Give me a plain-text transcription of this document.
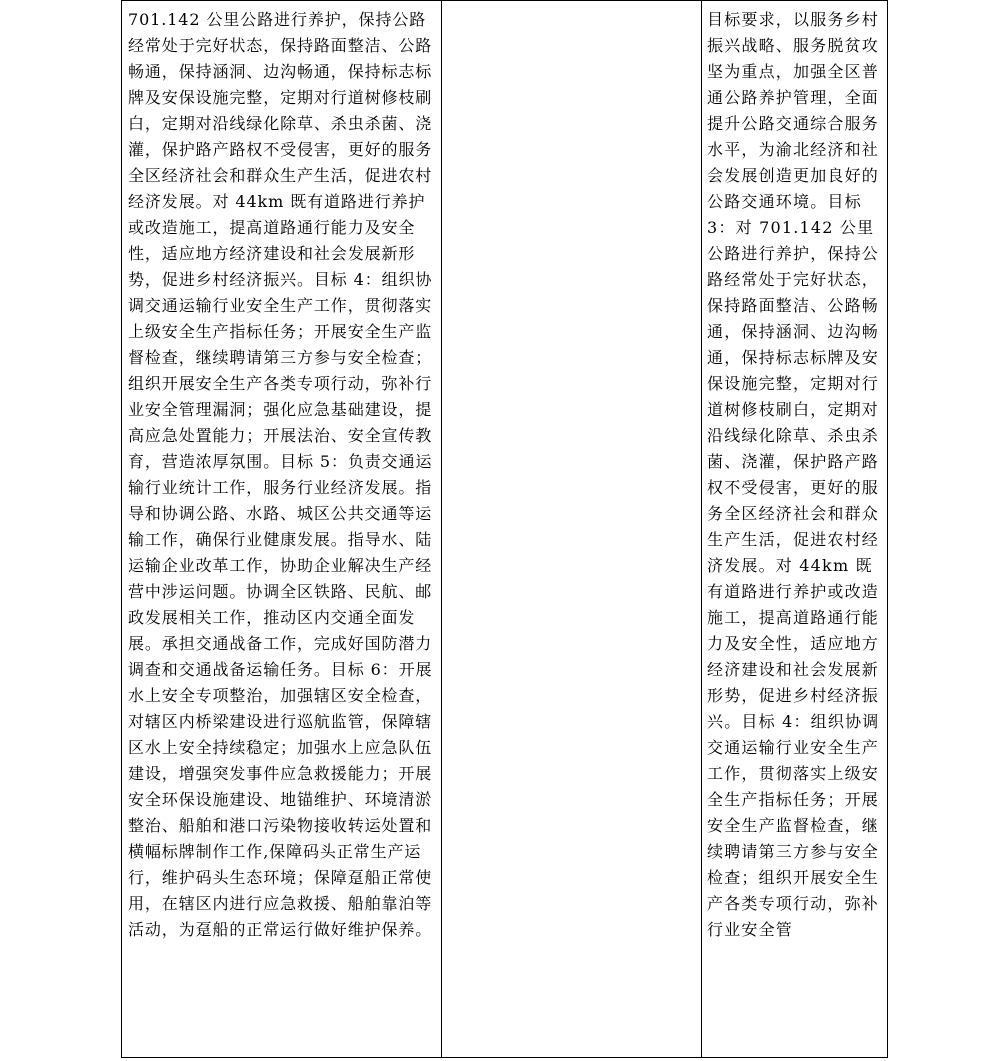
701.142 公里公路进行养护，保持公路经常处于完好状态，保持路面整洁、公路畅通，保持涵洞、边沟畅通，保持标志标牌及安保设施完整，定期对行道树修枝刷白，定期对沿线绿化除草、杀虫杀菌、浇灌，保护路产路权不受侵害，更好的服务全区经济社会和群众生产生活，促进农村经济发展。对 44km 既有道路进行养护或改造施工，提高道路通行能力及安全性，适应地方经济建设和社会发展新形势，促进乡村经济振兴。目标 4：组织协调交通运输行业安全生产工作，贯彻落实上级安全生产指标任务；开展安全生产监督检查，继续聘请第三方参与安全检查；组织开展安全生产各类专项行动，弥补行业安全管理漏洞；强化应急基础建设，提高应急处置能力；开展法治、安全宣传教育，营造浓厚氛围。目标 5：负责交通运输行业统计工作，服务行业经济发展。指导和协调公路、水路、城区公共交通等运输工作，确保行业健康发展。指导水、陆运输企业改革工作，协助企业解决生产经营中涉运问题。协调全区铁路、民航、邮政发展相关工作，推动区内交通全面发展。承担交通战备工作，完成好国防潜力调查和交通战备运输任务。目标 6：开展水上安全专项整治，加强辖区安全检查，对辖区内桥梁建设进行巡航监管，保障辖区水上安全持续稳定；加强水上应急队伍建设，增强突发事件应急救援能力；开展安全环保设施建设、地锚维护、环境清淤整治、船舶和港口污染物接收转运处置和横幅标牌制作工作,保障码头正常生产运行，维护码头生态环境；保障趸船正常使用，在辖区内进行应急救援、船舶靠泊等活动，为趸船的正常运行做好维护保养。

目标要求，以服务乡村振兴战略、服务脱贫攻坚为重点，加强全区普通公路养护管理，全面提升公路交通综合服务水平，为渝北经济和社会发展创造更加良好的公路交通环境。目标 3：对 701.142 公里公路进行养护，保持公路经常处于完好状态，保持路面整洁、公路畅通，保持涵洞、边沟畅通，保持标志标牌及安保设施完整，定期对行道树修枝刷白，定期对沿线绿化除草、杀虫杀菌、浇灌，保护路产路权不受侵害，更好的服务全区经济社会和群众生产生活，促进农村经济发展。对 44km 既有道路进行养护或改造施工，提高道路通行能力及安全性，适应地方经济建设和社会发展新形势，促进乡村经济振兴。目标 4：组织协调交通运输行业安全生产工作，贯彻落实上级安全生产指标任务；开展安全生产监督检查，继续聘请第三方参与安全检查；组织开展安全生产各类专项行动，弥补行业安全管
